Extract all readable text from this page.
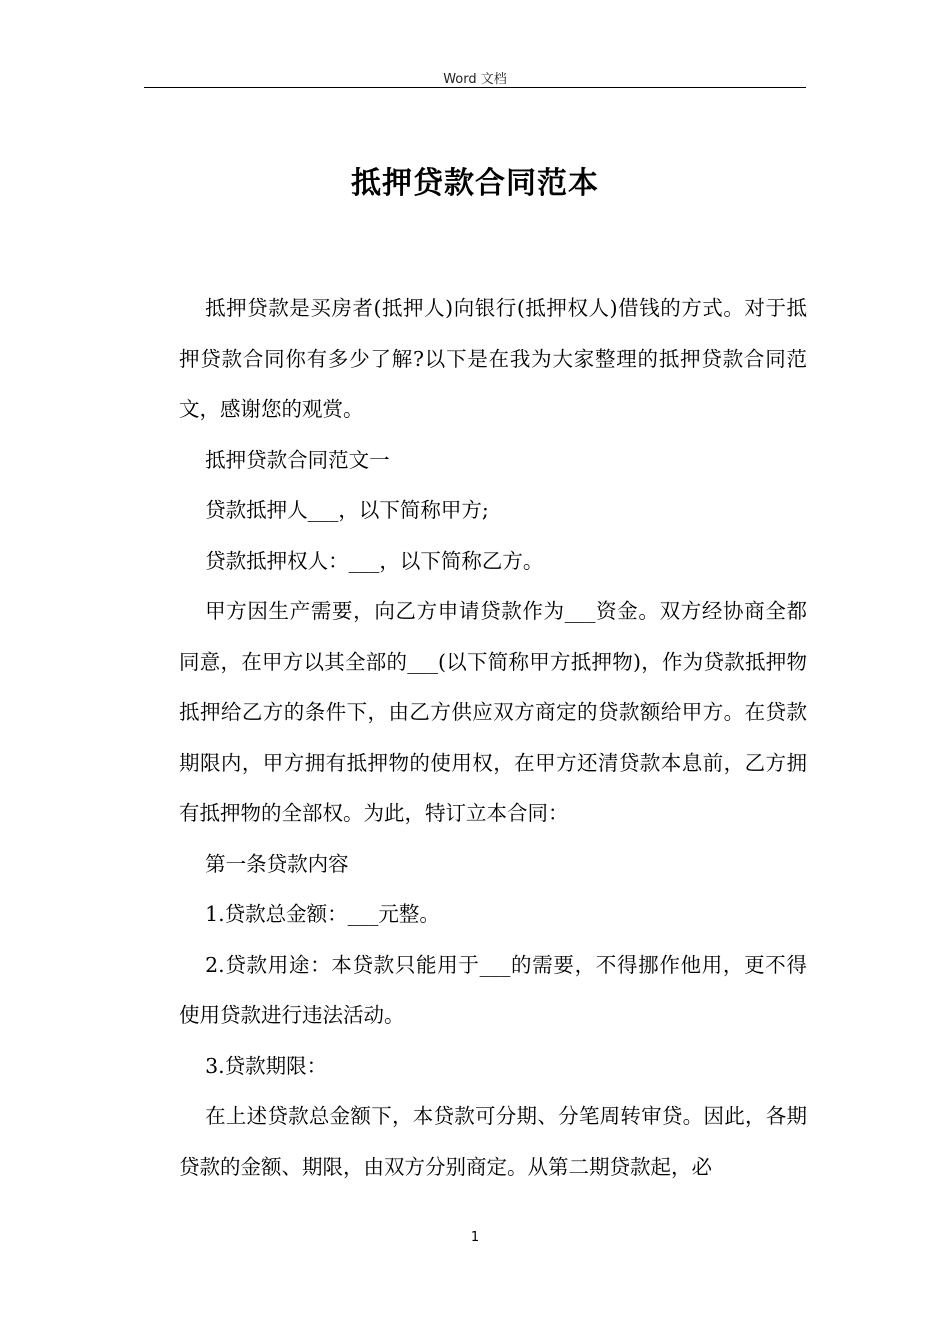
Word 文档
抵押贷款合同范本

抵押贷款是买房者(抵押人)向银行(抵押权人)借钱的方式。对于抵押贷款合同你有多少了解?以下是在我为大家整理的抵押贷款合同范文，感谢您的观赏。

抵押贷款合同范文一

贷款抵押人___，以下简称甲方;

贷款抵押权人：___，以下简称乙方。

甲方因生产需要，向乙方申请贷款作为___资金。双方经协商全都同意，在甲方以其全部的___(以下简称甲方抵押物)，作为贷款抵押物抵押给乙方的条件下，由乙方供应双方商定的贷款额给甲方。在贷款期限内，甲方拥有抵押物的使用权，在甲方还清贷款本息前，乙方拥有抵押物的全部权。为此，特订立本合同：

第一条贷款内容

1.贷款总金额：___元整。

2.贷款用途：本贷款只能用于___的需要，不得挪作他用，更不得使用贷款进行违法活动。

3.贷款期限：

在上述贷款总金额下，本贷款可分期、分笔周转审贷。因此，各期贷款的金额、期限，由双方分别商定。从第二期贷款起，必

1
